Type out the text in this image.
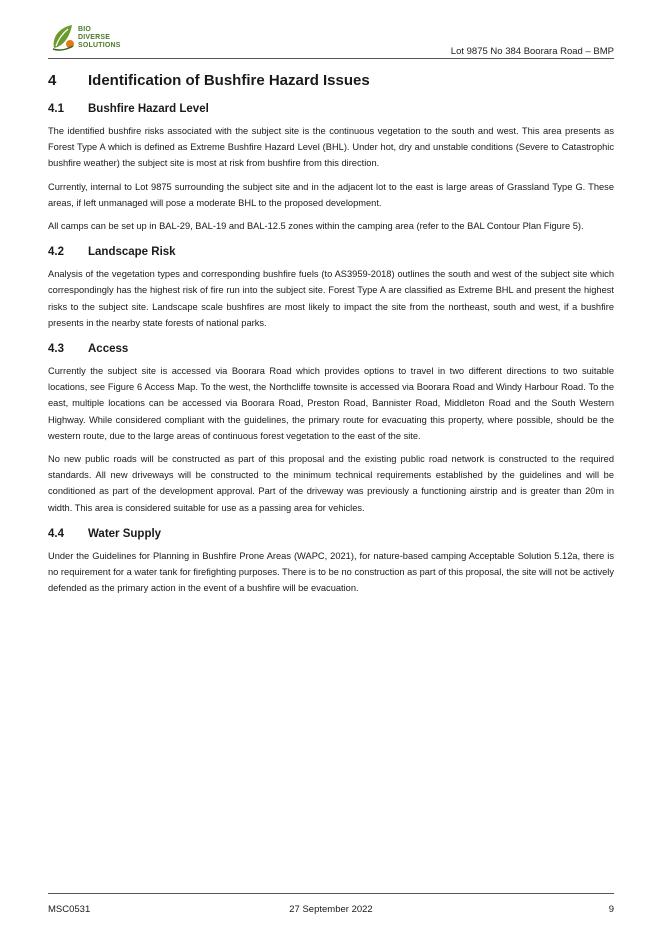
BIO
DIVERSE
SOLUTIONS
Lot 9875 No 384 Boorara Road – BMP
4	Identification of Bushfire Hazard Issues
4.1	Bushfire Hazard Level

The identified bushfire risks associated with the subject site is the continuous vegetation to the south and west. This area presents as Forest Type A which is defined as Extreme Bushfire Hazard Level (BHL). Under hot, dry and unstable conditions (Severe to Catastrophic bushfire weather) the subject site is most at risk from bushfire from this direction.

Currently, internal to Lot 9875 surrounding the subject site and in the adjacent lot to the east is large areas of Grassland Type G. These areas, if left unmanaged will pose a moderate BHL to the proposed development.

All camps can be set up in BAL-29, BAL-19 and BAL-12.5 zones within the camping area (refer to the BAL Contour Plan Figure 5).

4.2	Landscape Risk

Analysis of the vegetation types and corresponding bushfire fuels (to AS3959-2018) outlines the south and west of the subject site which correspondingly has the highest risk of fire run into the subject site. Forest Type A are classified as Extreme BHL and present the highest risks to the subject site. Landscape scale bushfires are most likely to impact the site from the northeast, south and west, if a bushfire presents in the nearby state forests of national parks.

4.3	Access

Currently the subject site is accessed via Boorara Road which provides options to travel in two different directions to two suitable locations, see Figure 6 Access Map. To the west, the Northcliffe townsite is accessed via Boorara Road and Windy Harbour Road. To the east, multiple locations can be accessed via Boorara Road, Preston Road, Bannister Road, Middleton Road and the South Western Highway. While considered compliant with the guidelines, the primary route for evacuating this property, where possible, should be the western route, due to the large areas of continuous forest vegetation to the east of the site.

No new public roads will be constructed as part of this proposal and the existing public road network is constructed to the required standards. All new driveways will be constructed to the minimum technical requirements established by the guidelines and will be conditioned as part of the development approval. Part of the driveway was previously a functioning airstrip and is greater than 20m in width. This area is considered suitable for use as a passing area for vehicles.

4.4	Water Supply

Under the Guidelines for Planning in Bushfire Prone Areas (WAPC, 2021), for nature-based camping Acceptable Solution 5.12a, there is no requirement for a water tank for firefighting purposes. There is to be no construction as part of this proposal, the site will not be actively defended as the primary action in the event of a bushfire will be evacuation.

MSC0531	27 September 2022	9
